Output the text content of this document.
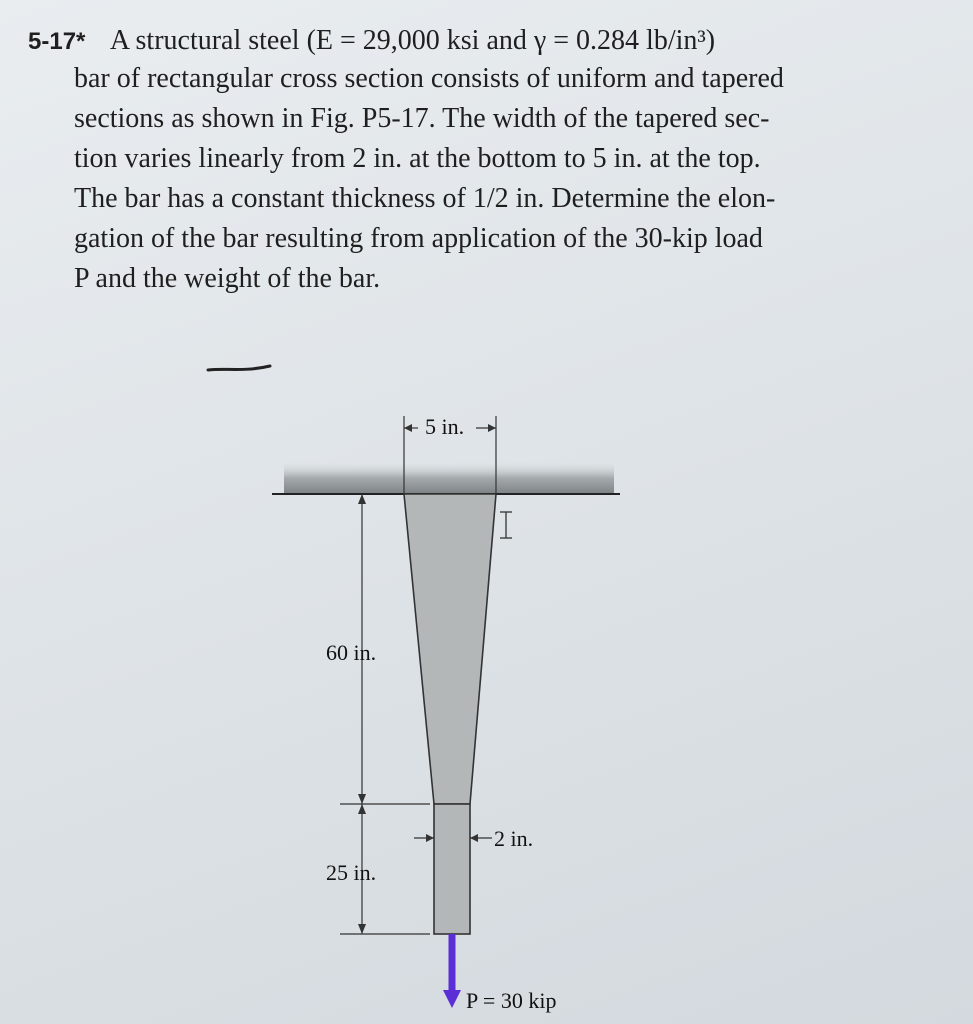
5-17* A structural steel (E = 29,000 ksi and γ = 0.284 lb/in³)
bar of rectangular cross section consists of uniform and tapered
sections as shown in Fig. P5-17. The width of the tapered sec-
tion varies linearly from 2 in. at the bottom to 5 in. at the top.
The bar has a constant thickness of 1/2 in. Determine the elon-
gation of the bar resulting from application of the 30-kip load
P and the weight of the bar.
5 in.
60 in.
2 in.
25 in.
P = 30 kip
